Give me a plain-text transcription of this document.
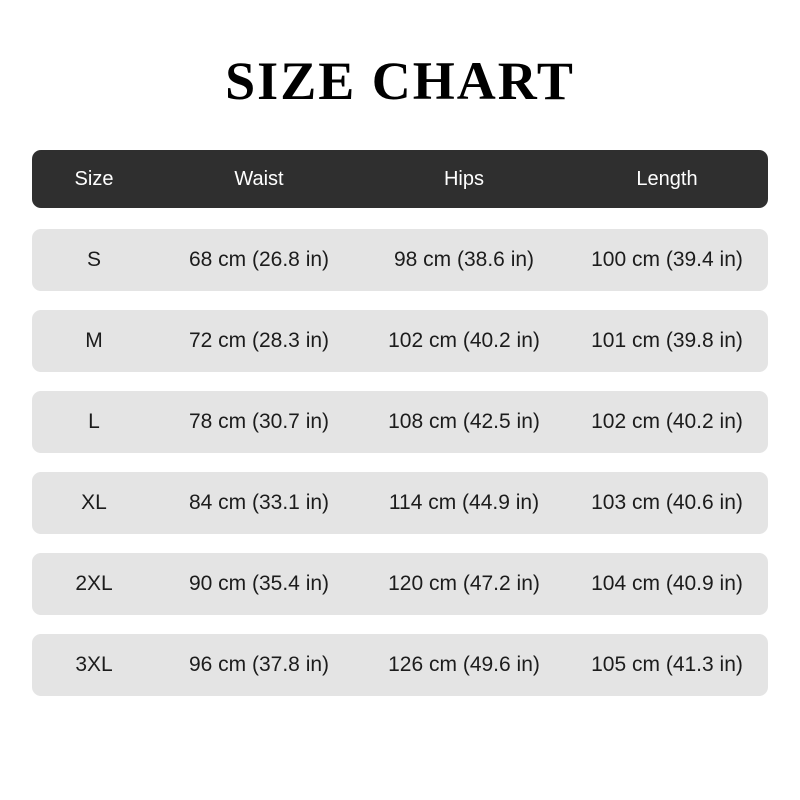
SIZE CHART
Size	Waist	Hips	Length
S	68 cm (26.8 in)	98 cm (38.6 in)	100 cm (39.4 in)
M	72 cm (28.3 in)	102 cm (40.2 in)	101 cm (39.8 in)
L	78 cm (30.7 in)	108 cm (42.5 in)	102 cm (40.2 in)
XL	84 cm (33.1 in)	114 cm (44.9 in)	103 cm (40.6 in)
2XL	90 cm (35.4 in)	120 cm (47.2 in)	104 cm (40.9 in)
3XL	96 cm (37.8 in)	126 cm (49.6 in)	105 cm (41.3 in)
